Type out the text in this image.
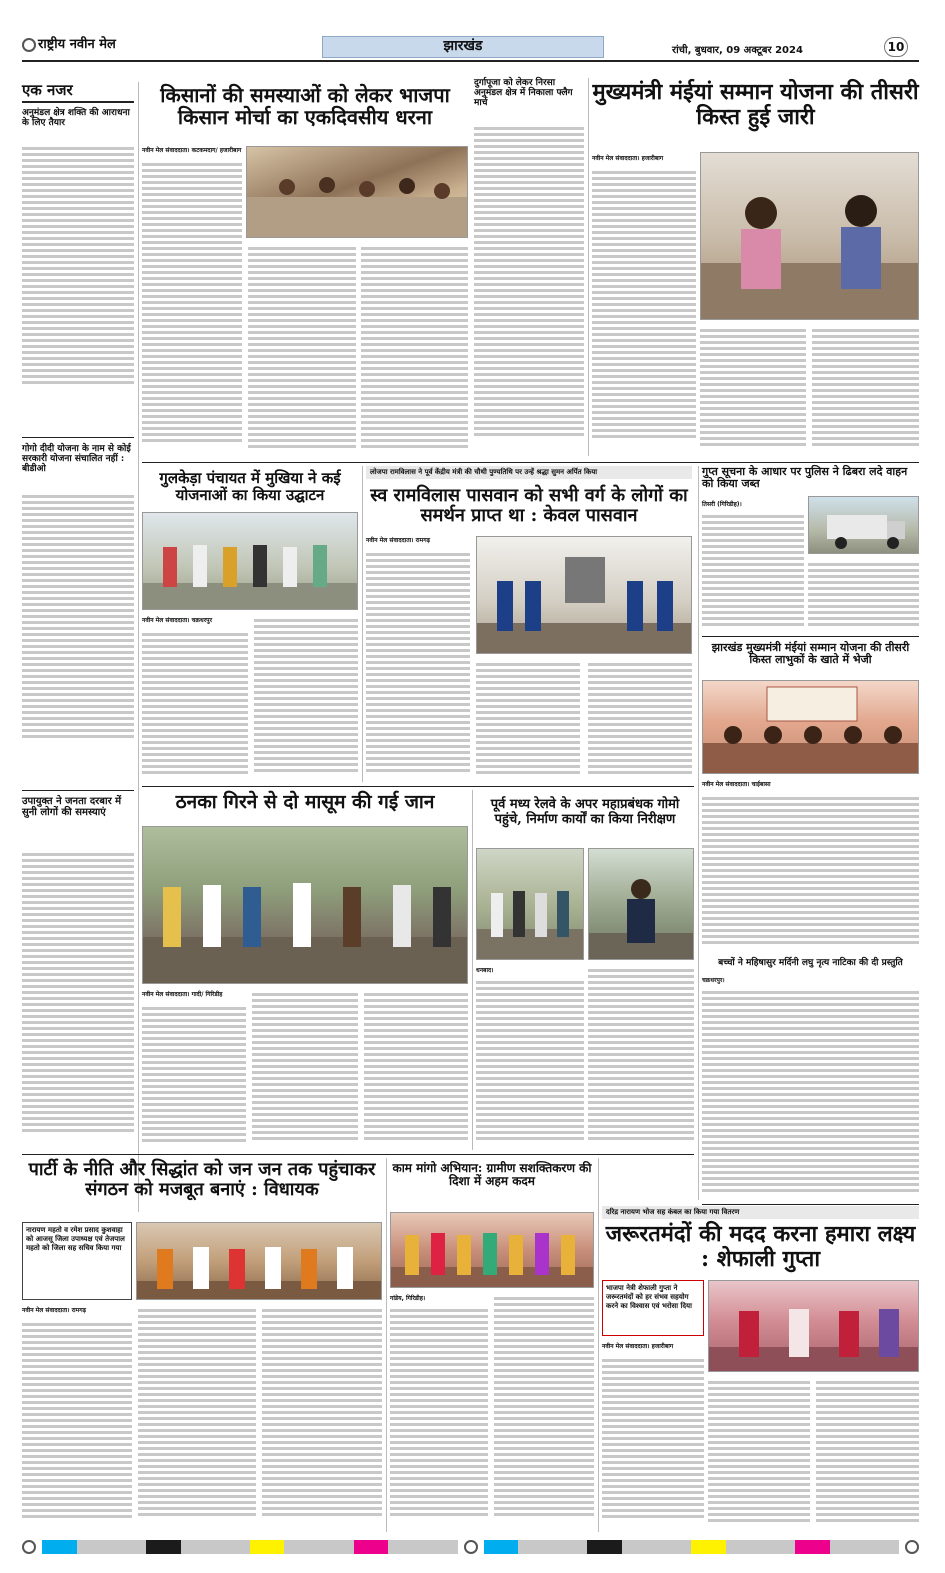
राष्ट्रीय नवीन मेल	झारखंड	रांची, बुधवार, 09 अक्टूबर 2024	10
एक नजर
अनुमंडल क्षेत्र शक्ति की आराधना के लिए तैयार
गोगो दीदी योजना के नाम से कोई सरकारी योजना संचालित नहीं : बीडीओ
उपायुक्त ने जनता दरबार में सुनी लोगों की समस्याएं
किसानों की समस्याओं को लेकर भाजपा किसान मोर्चा का एकदिवसीय धरना
नवीन मेल संवाददाता। कटकमदाग/ हजारीबाग
दुर्गापूजा को लेकर निरसा अनुमंडल क्षेत्र में निकाला फ्लैग मार्च	मुख्यमंत्री मंईयां सम्मान योजना की तीसरी किस्त हुई जारी
नवीन मेल संवाददाता। हजारीबाग
गुलकेड़ा पंचायत में मुखिया ने कई योजनाओं का किया उद्घाटन
नवीन मेल संवाददाता। चक्रधरपुर
लोजपा रामविलास ने पूर्व केंद्रीय मंत्री की चौथी पुण्यतिथि पर उन्हें श्रद्धा सुमन अर्पित किया
स्व रामविलास पासवान को सभी वर्ग के लोगों का समर्थन प्राप्त था : केवल पासवान
नवीन मेल संवाददाता। रामगढ़
गुप्त सूचना के आधार पर पुलिस ने ढिबरा लदे वाहन को किया जब्त
तिसरी (गिरिडीह)।
झारखंड मुख्यमंत्री मंईयां सम्मान योजना की तीसरी किस्त लाभुकों के खाते में भेजी
नवीन मेल संवाददाता। चाईबासा
बच्चों ने महिषासुर मर्दिनी लघु नृत्य नाटिका की दी प्रस्तुति
चक्रधरपुर।
ठनका गिरने से दो मासूम की गई जान
नवीन मेल संवाददाता। गादी/ गिरिडीह
पूर्व मध्य रेलवे के अपर महाप्रबंधक गोमो पहुंचे, निर्माण कार्यों का किया निरीक्षण
धनबाद।
पार्टी के नीति और सिद्धांत को जन जन तक पहुंचाकर संगठन को मजबूत बनाएं : विधायक
नारायण महतो व रमेश प्रसाद कुशवाहा को आजसू जिला उपाध्यक्ष एवं तेजपाल महतो को जिला सह सचिव किया गया
नवीन मेल संवाददाता। रामगढ़
काम मांगो अभियान: ग्रामीण सशक्तिकरण की दिशा में अहम कदम
गांडेय, गिरिडीह।
दरिद्र नारायण भोज सह कंबल का किया गया वितरण
जरूरतमंदों की मदद करना हमारा लक्ष्य : शेफाली गुप्ता
भाजपा नेत्री शेफाली गुप्ता ने जरूरतमंदों को हर संभव सहयोग करने का विश्वास एवं भरोसा दिया
नवीन मेल संवाददाता। हजारीबाग
